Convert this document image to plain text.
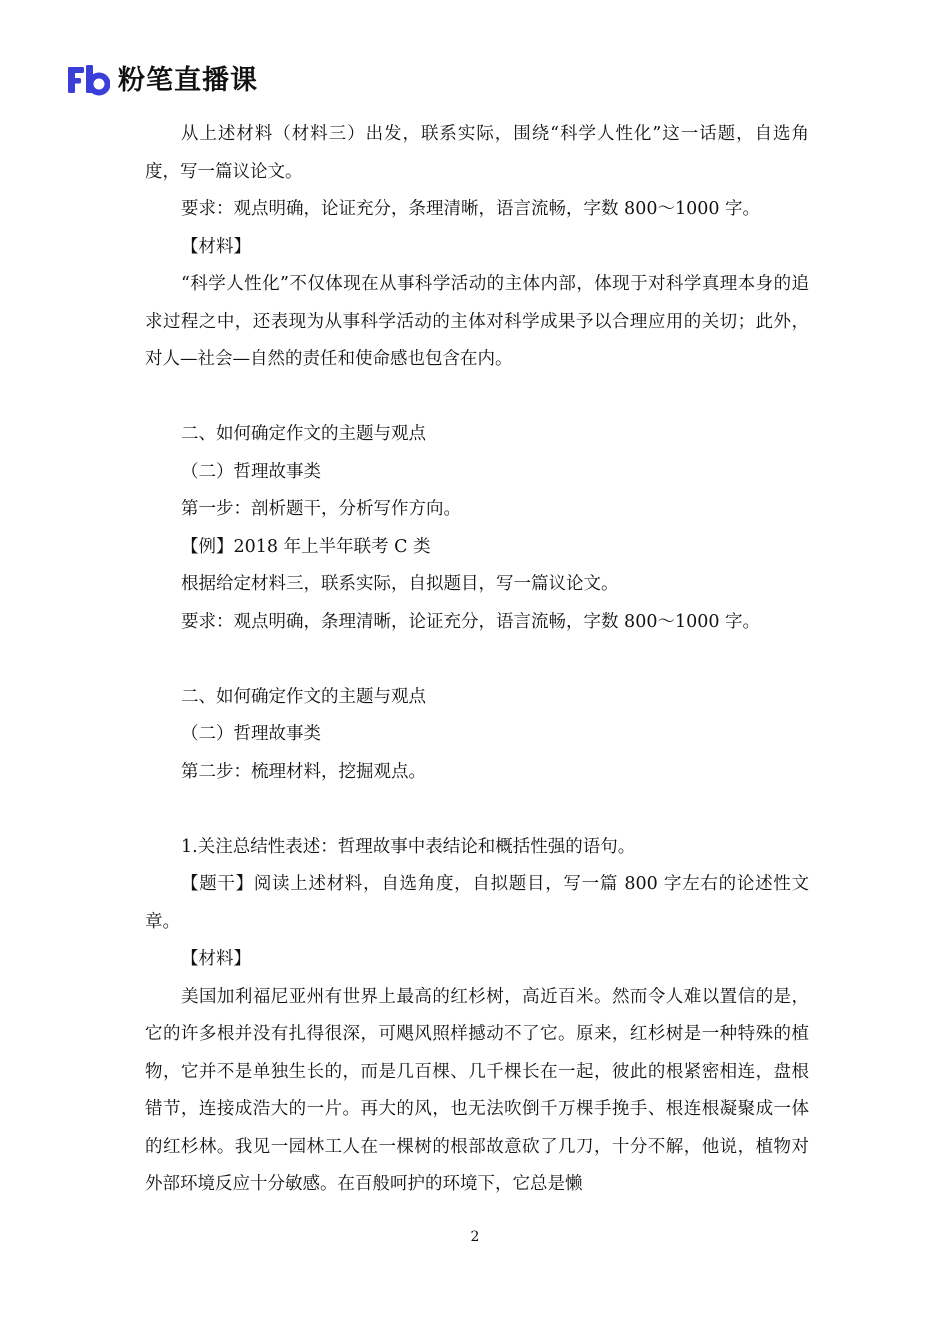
粉笔直播课

从上述材料（材料三）出发，联系实际，围绕“科学人性化”这一话题，自选角度，写一篇议论文。

要求：观点明确，论证充分，条理清晰，语言流畅，字数 800～1000 字。

【材料】

“科学人性化”不仅体现在从事科学活动的主体内部，体现于对科学真理本身的追求过程之中，还表现为从事科学活动的主体对科学成果予以合理应用的关切；此外，对人—社会—自然的责任和使命感也包含在内。

二、如何确定作文的主题与观点

（二）哲理故事类

第一步：剖析题干，分析写作方向。

【例】2018 年上半年联考 C 类

根据给定材料三，联系实际，自拟题目，写一篇议论文。

要求：观点明确，条理清晰，论证充分，语言流畅，字数 800～1000 字。

二、如何确定作文的主题与观点

（二）哲理故事类

第二步：梳理材料，挖掘观点。

1.关注总结性表述：哲理故事中表结论和概括性强的语句。

【题干】阅读上述材料，自选角度，自拟题目，写一篇 800 字左右的论述性文章。

【材料】

美国加利福尼亚州有世界上最高的红杉树，高近百米。然而令人难以置信的是，它的许多根并没有扎得很深，可飓风照样撼动不了它。原来，红杉树是一种特殊的植物，它并不是单独生长的，而是几百棵、几千棵长在一起，彼此的根紧密相连，盘根错节，连接成浩大的一片。再大的风，也无法吹倒千万棵手挽手、根连根凝聚成一体的红杉林。我见一园林工人在一棵树的根部故意砍了几刀，十分不解，他说，植物对外部环境反应十分敏感。在百般呵护的环境下，它总是懒

2
